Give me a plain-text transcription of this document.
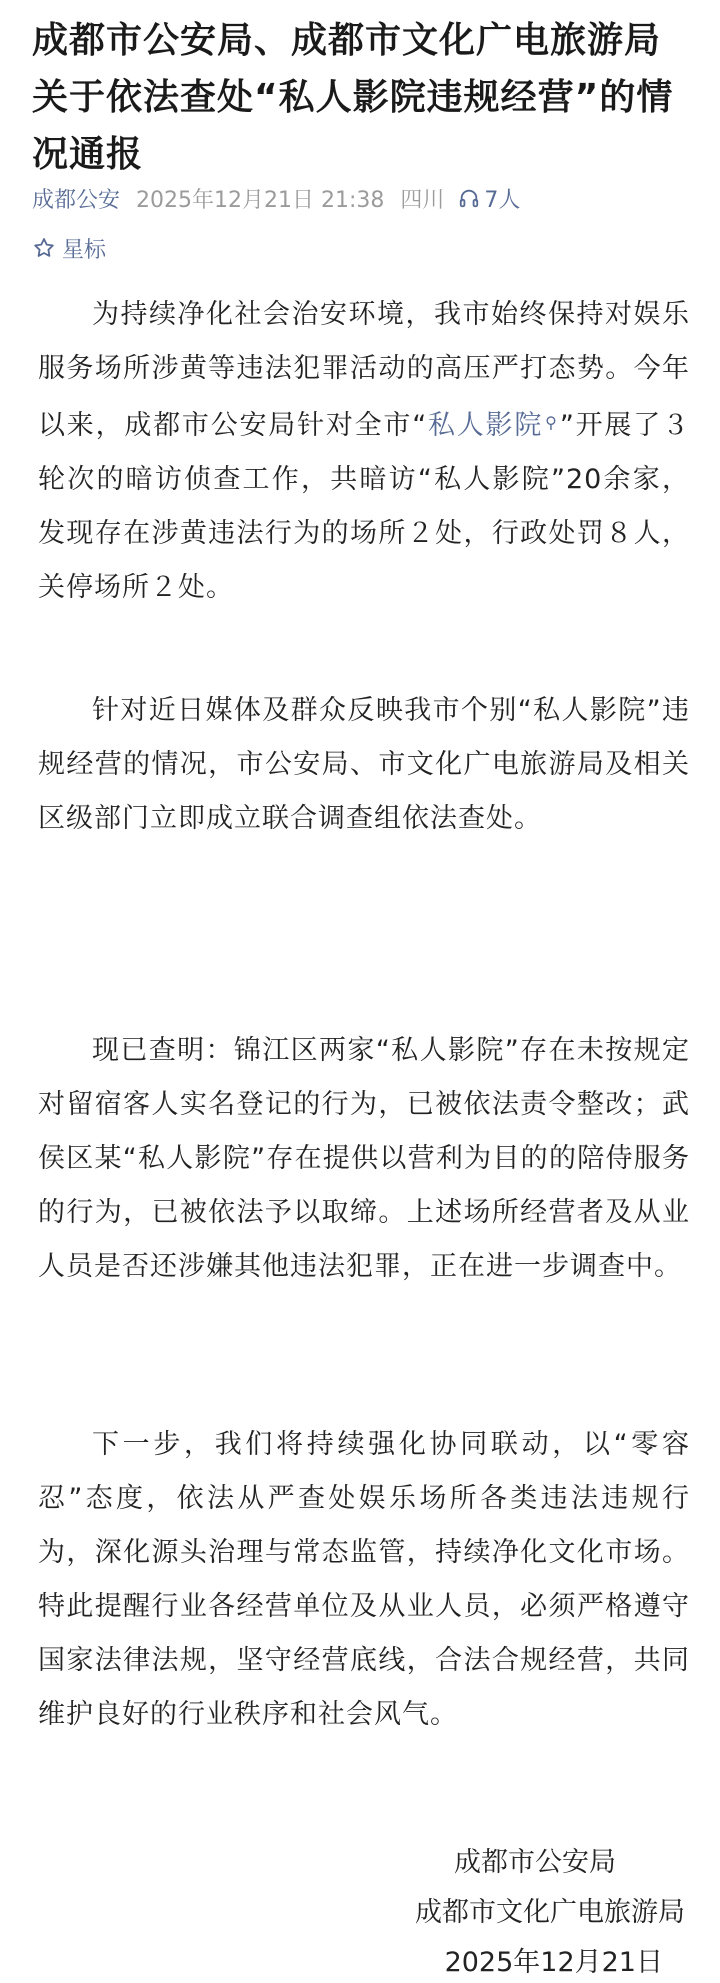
成都市公安局、成都市文化广电旅游局关于依法查处“私人影院违规经营”的情况通报
成都公安 2025年12月21日 21:38 四川 7人
星标

为持续净化社会治安环境，我市始终保持对娱乐服务场所涉黄等违法犯罪活动的高压严打态势。今年以来，成都市公安局针对全市“私人影院 ⚲”开展了３轮次的暗访侦查工作，共暗访“私人影院”20余家，发现存在涉黄违法行为的场所２处，行政处罚８人，关停场所２处。

针对近日媒体及群众反映我市个别“私人影院”违规经营的情况，市公安局、市文化广电旅游局及相关区级部门立即成立联合调查组依法查处。

现已查明：锦江区两家“私人影院”存在未按规定对留宿客人实名登记的行为，已被依法责令整改；武侯区某“私人影院”存在提供以营利为目的的陪侍服务的行为，已被依法予以取缔。上述场所经营者及从业人员是否还涉嫌其他违法犯罪，正在进一步调查中。

下一步，我们将持续强化协同联动，以“零容忍”态度，依法从严查处娱乐场所各类违法违规行为，深化源头治理与常态监管，持续净化文化市场。特此提醒行业各经营单位及从业人员，必须严格遵守国家法律法规，坚守经营底线，合法合规经营，共同维护良好的行业秩序和社会风气。

成都市公安局
成都市文化广电旅游局
2025年12月21日
